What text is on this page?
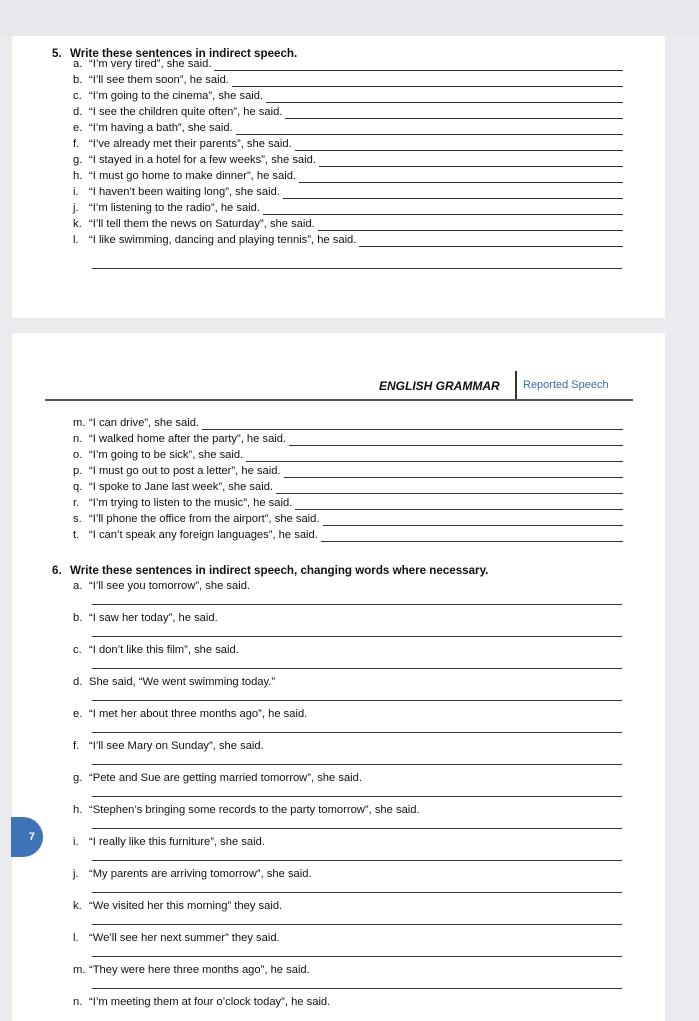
5. Write these sentences in indirect speech.
a. “I’m very tired”, she said.
b. “I’ll see them soon”, he said.
c. “I’m going to the cinema”, she said.
d. “I see the children quite often”, he said.
e. “I’m having a bath”, she said.
f. “I’ve already met their parents”, she said.
g. “I stayed in a hotel for a few weeks”, she said.
h. “I must go home to make dinner”, he said.
i. “I haven’t been waiting long”, she said.
j. “I’m listening to the radio”, he said.
k. “I’ll tell them the news on Saturday”, she said.
l. “I like swimming, dancing and playing tennis”, he said.
ENGLISH GRAMMAR Reported Speech
m. “I can drive”, she said.
n. “I walked home after the party”, he said.
o. “I’m going to be sick”, she said.
p. “I must go out to post a letter”, he said.
q. “I spoke to Jane last week”, she said.
r. “I’m trying to listen to the music”, he said.
s. “I’ll phone the office from the airport”, she said.
t. “I can’t speak any foreign languages”, he said.
6. Write these sentences in indirect speech, changing words where necessary.
a. “I’ll see you tomorrow”, she said.
b. “I saw her today”, he said.
c. “I don’t like this film”, she said.
d. She said, “We went swimming today.”
e. “I met her about three months ago”, he said.
f. “I’ll see Mary on Sunday”, she said.
g. “Pete and Sue are getting married tomorrow”, she said.
h. “Stephen’s bringing some records to the party tomorrow”, she said.
i. “I really like this furniture”, she said.
j. “My parents are arriving tomorrow”, she said.
k. “We visited her this morning” they said.
l. “We’ll see her next summer” they said.
m. “They were here three months ago”, he said.
n. “I’m meeting them at four o’clock today”, he said.
7
